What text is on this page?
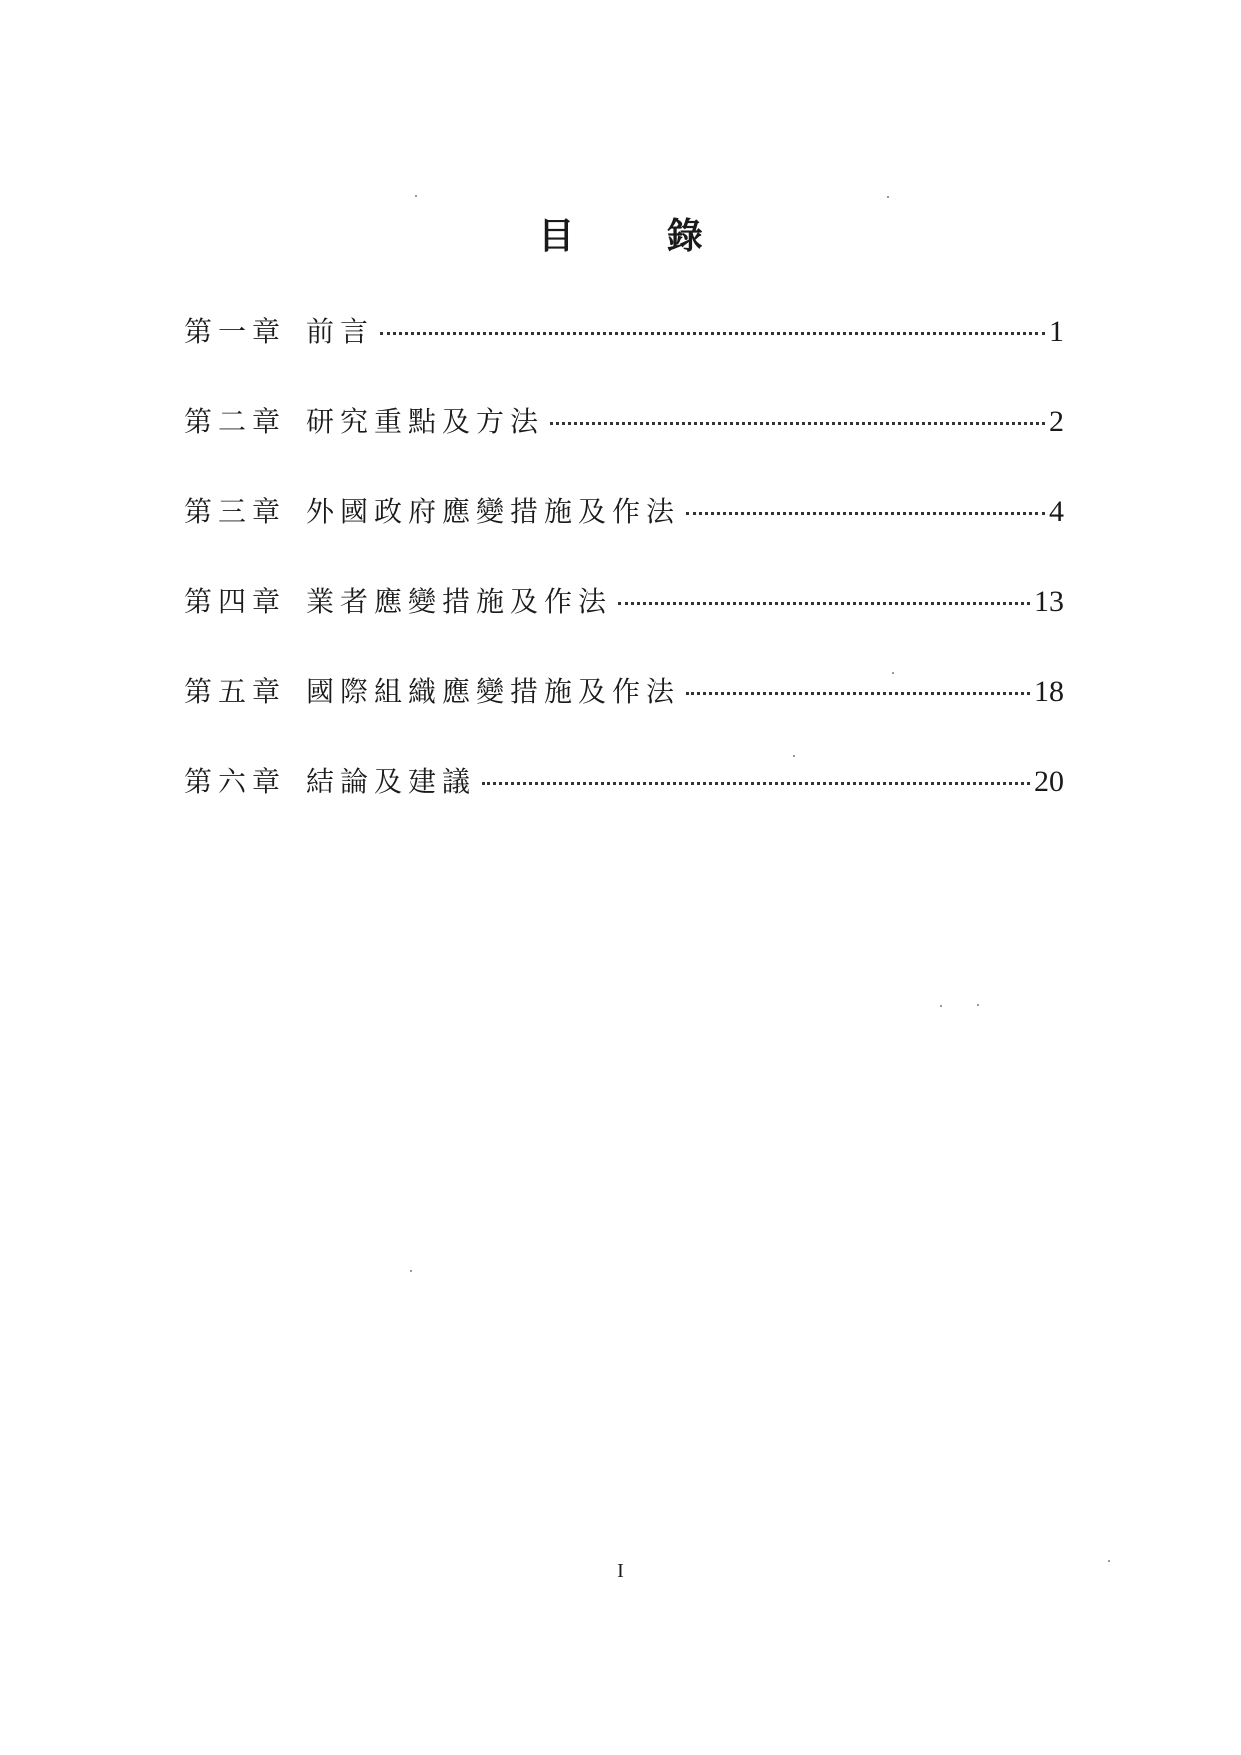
目 錄
第一章 前言	1
第二章 研究重點及方法	2
第三章 外國政府應變措施及作法	4
第四章 業者應變措施及作法	13
第五章 國際組織應變措施及作法	18
第六章 結論及建議	20
I
